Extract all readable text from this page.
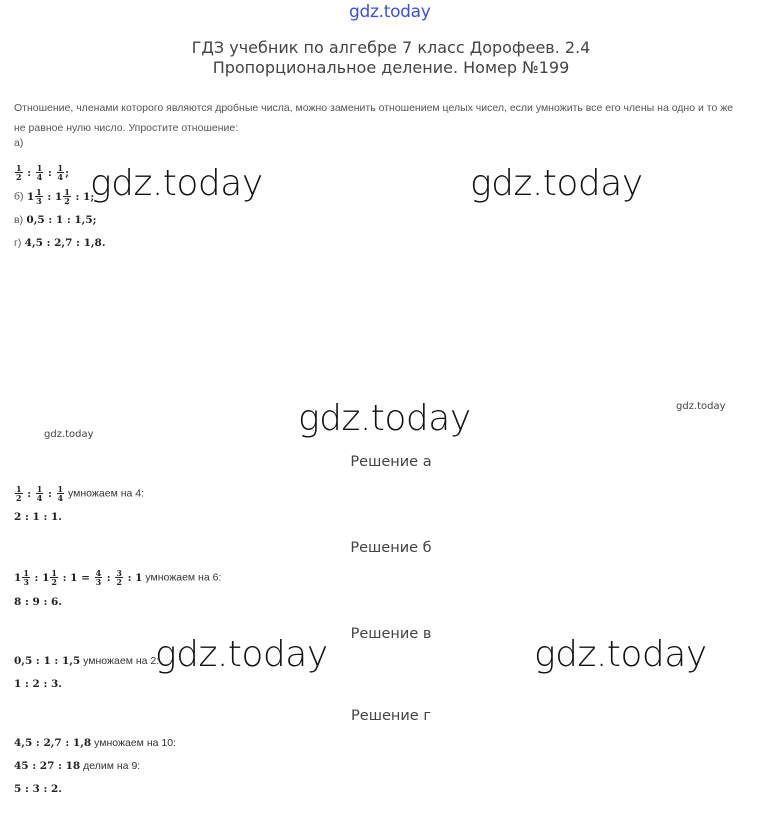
gdz.today
ГДЗ учебник по алгебре 7 класс Дорофеев. 2.4
Пропорциональное деление. Номер №199
Отношение, членами которого являются дробные числа, можно заменить отношением целых чисел, если умножить все его члены на одно и то же
не равное нулю число. Упростите отношение:
а)
$\frac{1}{2}$ : $\frac{1}{4}$ : $\frac{1}{4}$ ;
б) $1 \frac{1}{3}$ : $1 \frac{1}{2}$ : 1;
в) 0,5 : 1 : 1,5;
г) 4,5 : 2,7 : 1,8.
gdz.today	gdz.today
gdz.today	gdz.today
gdz.today
gdz.today	gdz.today
Решение а
$\frac{1}{2}$ : $\frac{1}{4}$ : $\frac{1}{4}$ умножаем на 4:
2 : 1 : 1.
Решение б
$1 \frac{1}{3}$ : $1 \frac{1}{2}$ : $1 = \frac{4}{3}$ : $\frac{3}{2}$ : 1 умножаем на 6:
8 : 9 : 6.
Решение в
0,5 : 1 : 1,5 умножаем на 2:
1 : 2 : 3.
Решение г
4,5 : 2,7 : 1,8 умножаем на 10:
45 : 27 : 18 делим на 9:
5 : 3 : 2.
